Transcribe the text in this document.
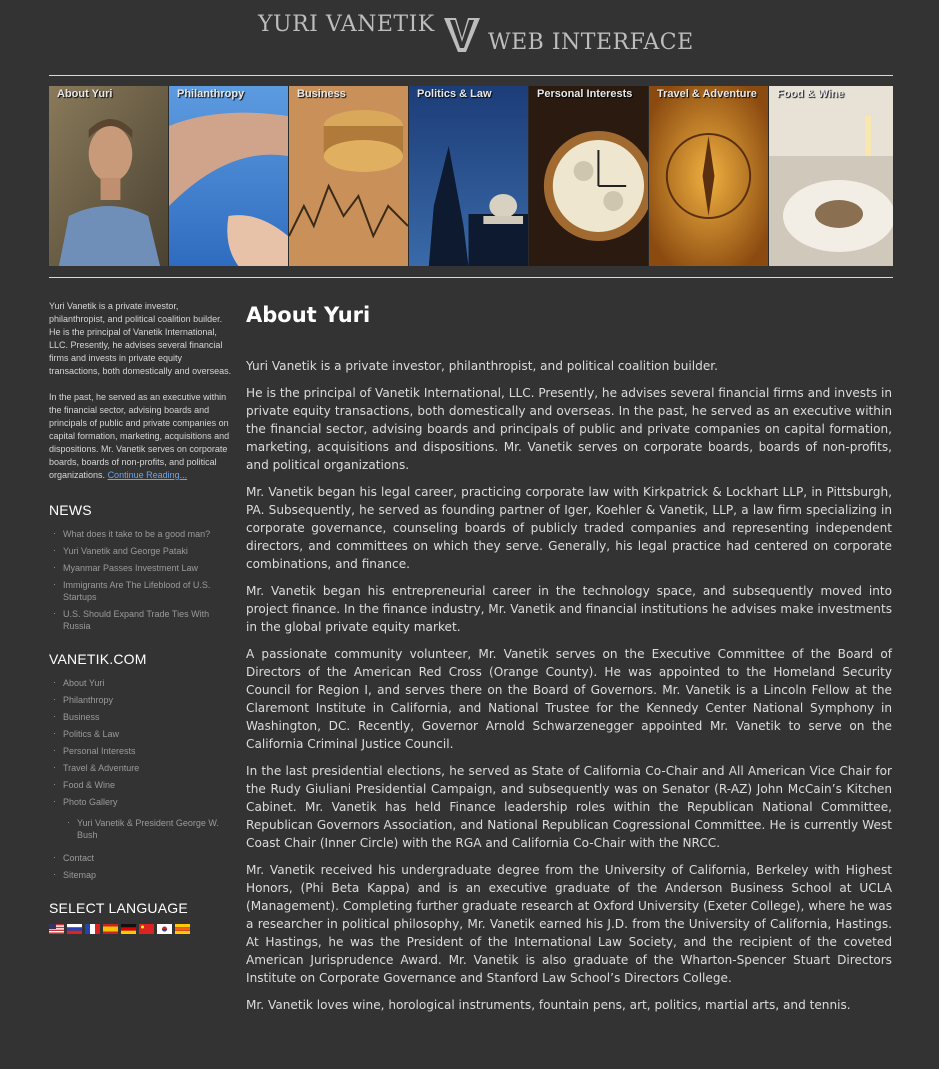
YURI VANETIK
WEB INTERFACE
About Yuri	Philanthropy	Business	Politics & Law	Personal Interests Travel & Adventure Food & Wine

Yuri Vanetik is a private investor, philanthropist, and political coalition builder. He is the principal of Vanetik International, LLC. Presently, he advises several financial firms and invests in private equity transactions, both domestically and overseas.

In the past, he served as an executive within the financial sector, advising boards and principals of public and private companies on capital formation, marketing, acquisitions and dispositions. Mr. Vanetik serves on corporate boards, boards of non-profits, and political organizations. Continue Reading...

NEWS
· What does it take to be a good man?
· Yuri Vanetik and George Pataki
· Myanmar Passes Investment Law
· Immigrants Are The Lifeblood of U.S. Startups
· U.S. Should Expand Trade Ties With Russia
VANETIK.COM
· About Yuri
· Philanthropy
· Business
· Politics & Law
· Personal Interests
· Travel & Adventure
· Food & Wine
· Photo Gallery
· Yuri Vanetik & President George W. Bush
· Contact
· Sitemap
SELECT LANGUAGE
About Yuri

Yuri Vanetik is a private investor, philanthropist, and political coalition builder.

He is the principal of Vanetik International, LLC. Presently, he advises several financial firms and invests in private equity transactions, both domestically and overseas. In the past, he served as an executive within the financial sector, advising boards and principals of public and private companies on capital formation, marketing, acquisitions and dispositions. Mr. Vanetik serves on corporate boards, boards of non-profits, and political organizations.

Mr. Vanetik began his legal career, practicing corporate law with Kirkpatrick & Lockhart LLP, in Pittsburgh, PA. Subsequently, he served as founding partner of Iger, Koehler & Vanetik, LLP, a law firm specializing in corporate governance, counseling boards of publicly traded companies and representing independent directors, and committees on which they serve. Generally, his legal practice had centered on corporate combinations, and finance.

Mr. Vanetik began his entrepreneurial career in the technology space, and subsequently moved into project finance. In the finance industry, Mr. Vanetik and financial institutions he advises make investments in the global private equity market.

A passionate community volunteer, Mr. Vanetik serves on the Executive Committee of the Board of Directors of the American Red Cross (Orange County). He was appointed to the Homeland Security Council for Region I, and serves there on the Board of Governors. Mr. Vanetik is a Lincoln Fellow at the Claremont Institute in California, and National Trustee for the Kennedy Center National Symphony in Washington, DC. Recently, Governor Arnold Schwarzenegger appointed Mr. Vanetik to serve on the California Criminal Justice Council.

In the last presidential elections, he served as State of California Co-Chair and All American Vice Chair for the Rudy Giuliani Presidential Campaign, and subsequently was on Senator (R-AZ) John McCain’s Kitchen Cabinet. Mr. Vanetik has held Finance leadership roles within the Republican National Committee, Republican Governors Association, and National Republican Cogressional Committee. He is currently West Coast Chair (Inner Circle) with the RGA and California Co-Chair with the NRCC.

Mr. Vanetik received his undergraduate degree from the University of California, Berkeley with Highest Honors, (Phi Beta Kappa) and is an executive graduate of the Anderson Business School at UCLA (Management). Completing further graduate research at Oxford University (Exeter College), where he was a researcher in political philosophy, Mr. Vanetik earned his J.D. from the University of California, Hastings. At Hastings, he was the President of the International Law Society, and the recipient of the coveted American Jurisprudence Award. Mr. Vanetik is also graduate of the Wharton-Spencer Stuart Directors Institute on Corporate Governance and Stanford Law School’s Directors College.

Mr. Vanetik loves wine, horological instruments, fountain pens, art, politics, martial arts, and tennis.
